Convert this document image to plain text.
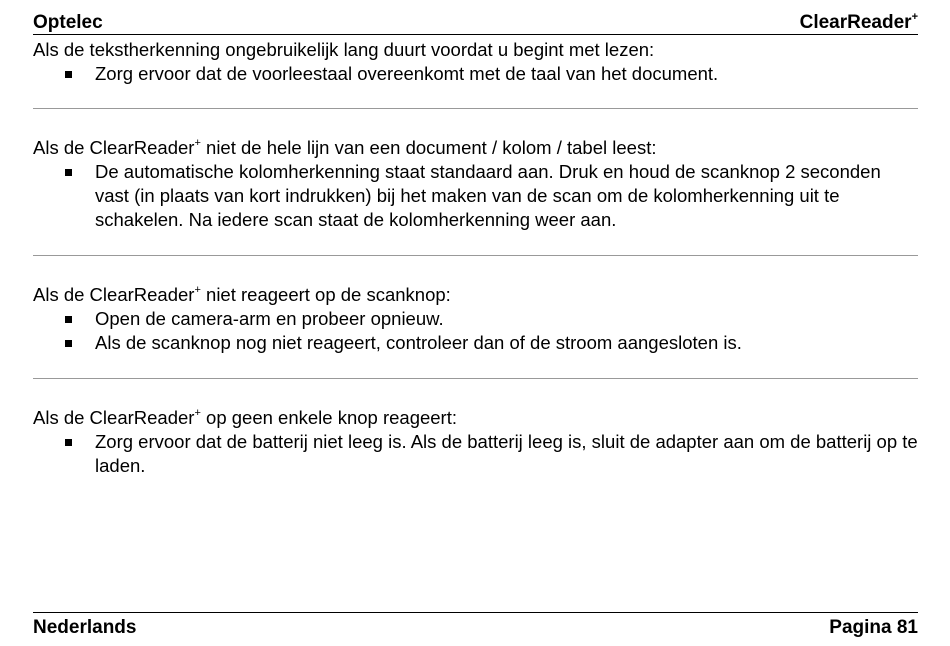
Optelec	ClearReader+

Als de tekstherkenning ongebruikelijk lang duurt voordat u begint met lezen:

Zorg ervoor dat de voorleestaal overeenkomt met de taal van het document.

Als de ClearReader+ niet de hele lijn van een document / kolom / tabel leest:

De automatische kolomherkenning staat standaard aan. Druk en houd de scanknop 2 seconden vast (in plaats van kort indrukken) bij het maken van de scan om de kolomherkenning uit te schakelen. Na iedere scan staat de kolomherkenning weer aan.

Als de ClearReader+ niet reageert op de scanknop:

Open de camera-arm en probeer opnieuw.
Als de scanknop nog niet reageert, controleer dan of de stroom aangesloten is.

Als de ClearReader+ op geen enkele knop reageert:

Zorg ervoor dat de batterij niet leeg is. Als de batterij leeg is, sluit de adapter aan om de batterij op te laden.
Nederlands	Pagina 81
